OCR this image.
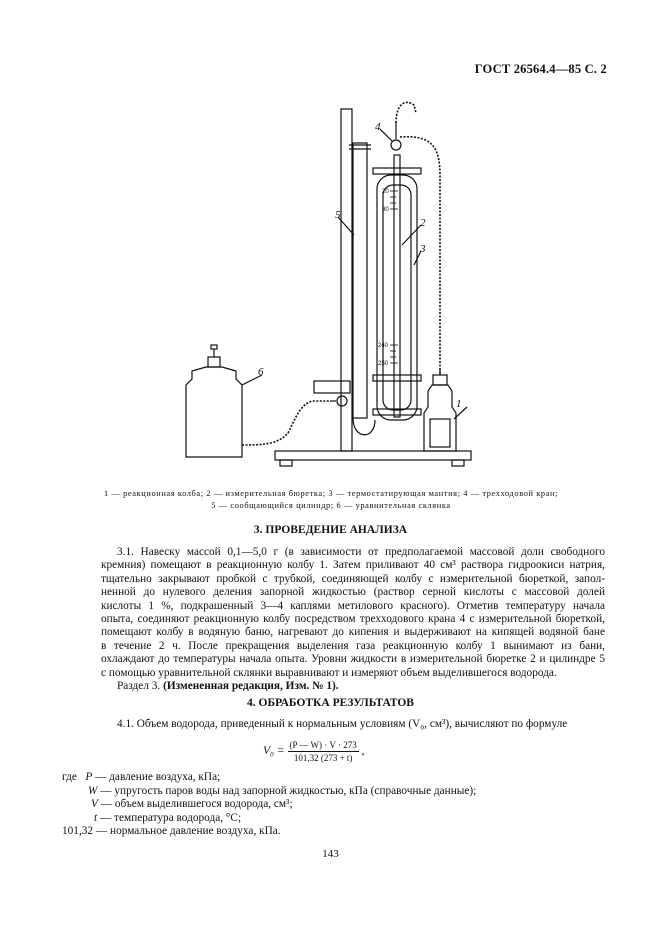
ГОСТ 26564.4—85 С. 2
1
2
3
4
5
6
20
30
240
250
1 — реакционная колба; 2 — измерительная бюретка; 3 — термостатирующая мантия; 4 — трехходовой кран;
5 — сообщающийся цилиндр; 6 — уравнительная склянка
3. ПРОВЕДЕНИЕ АНАЛИЗА
3.1. Навеску массой 0,1—5,0 г (в зависимости от предполагаемой массовой доли свободного
кремния) помещают в реакционную колбу 1. Затем приливают 40 см³ раствора гидроокиси натрия,
тщательно закрывают пробкой с трубкой, соединяющей колбу с измерительной бюреткой, запол-
ненной до нулевого деления запорной жидкостью (раствор серной кислоты с массовой долей
кислоты 1 %, подкрашенный 3—4 каплями метилового красного). Отметив температуру начала
опыта, соединяют реакционную колбу посредством трехходового крана 4 с измерительной бюреткой,
помещают колбу в водяную баню, нагревают до кипения и выдерживают на кипящей водяной бане
в течение 2 ч. После прекращения выделения газа реакционную колбу 1 вынимают из бани,
охлаждают до температуры начала опыта. Уровни жидкости в измерительной бюретке 2 и цилиндре 5
с помощью уравнительной склянки выравнивают и измеряют объем выделившегося водорода.
Раздел 3. (Измененная редакция, Изм. № 1).
4. ОБРАБОТКА РЕЗУЛЬТАТОВ
4.1. Объем водорода, приведенный к нормальным условиям (V₀, см³), вычисляют по формуле
$V_0 = \frac{(P — W) \cdot V \cdot 273}{101,32 (273 + t)}$ ,
где P — давление воздуха, кПа;
W — упругость паров воды над запорной жидкостью, кПа (справочные данные);
V — объем выделившегося водорода, см³;
t — температура водорода, °С;
101,32 — нормальное давление воздуха, кПа.
143
